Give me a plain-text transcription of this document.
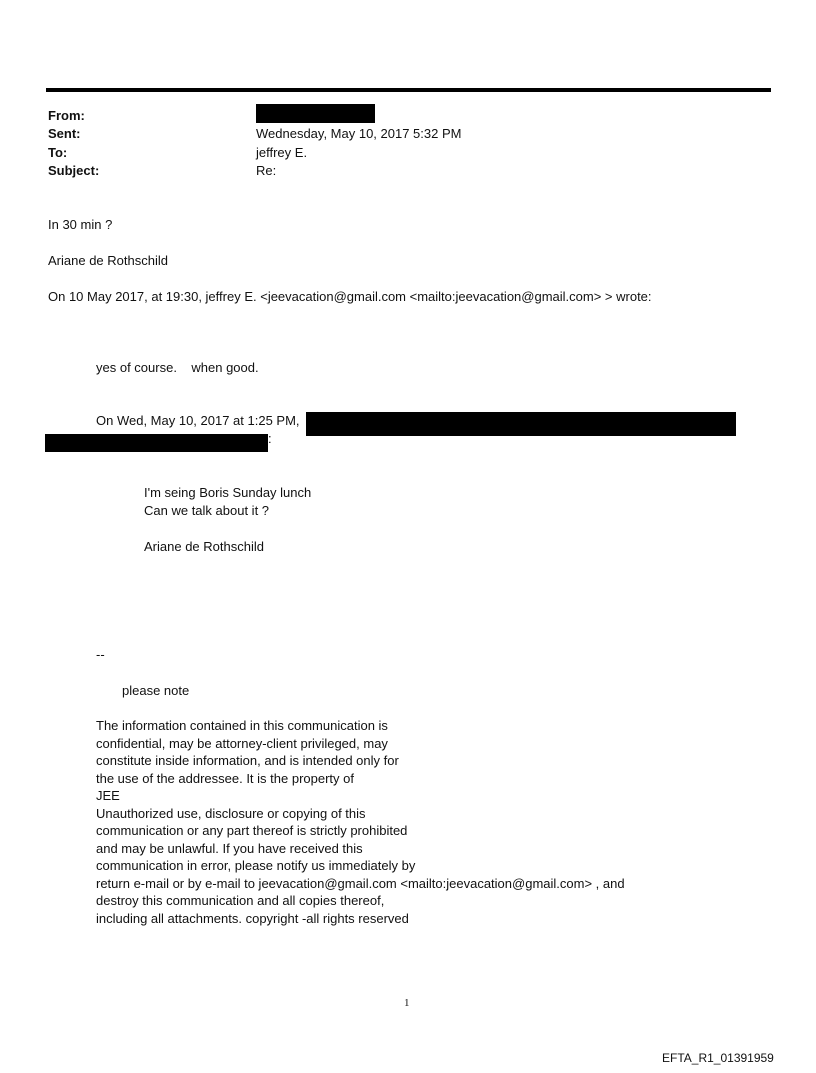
From:
Sent:	Wednesday, May 10, 2017 5:32 PM
To:	jeffrey E.
Subject:	Re:
In 30 min ?
Ariane de Rothschild
On 10 May 2017, at 19:30, jeffrey E. <jeevacation@gmail.com <mailto:jeevacation@gmail.com> > wrote:
yes of course.    when good.
On Wed, May 10, 2017 at 1:25 PM,
:
I'm seing Boris Sunday lunch
Can we talk about it ?
Ariane de Rothschild
--
please note
The information contained in this communication is
confidential, may be attorney-client privileged, may
constitute inside information, and is intended only for
the use of the addressee. It is the property of
JEE
Unauthorized use, disclosure or copying of this
communication or any part thereof is strictly prohibited
and may be unlawful. If you have received this
communication in error, please notify us immediately by
return e-mail or by e-mail to jeevacation@gmail.com <mailto:jeevacation@gmail.com> , and
destroy this communication and all copies thereof,
including all attachments. copyright -all rights reserved
1
EFTA_R1_01391959
